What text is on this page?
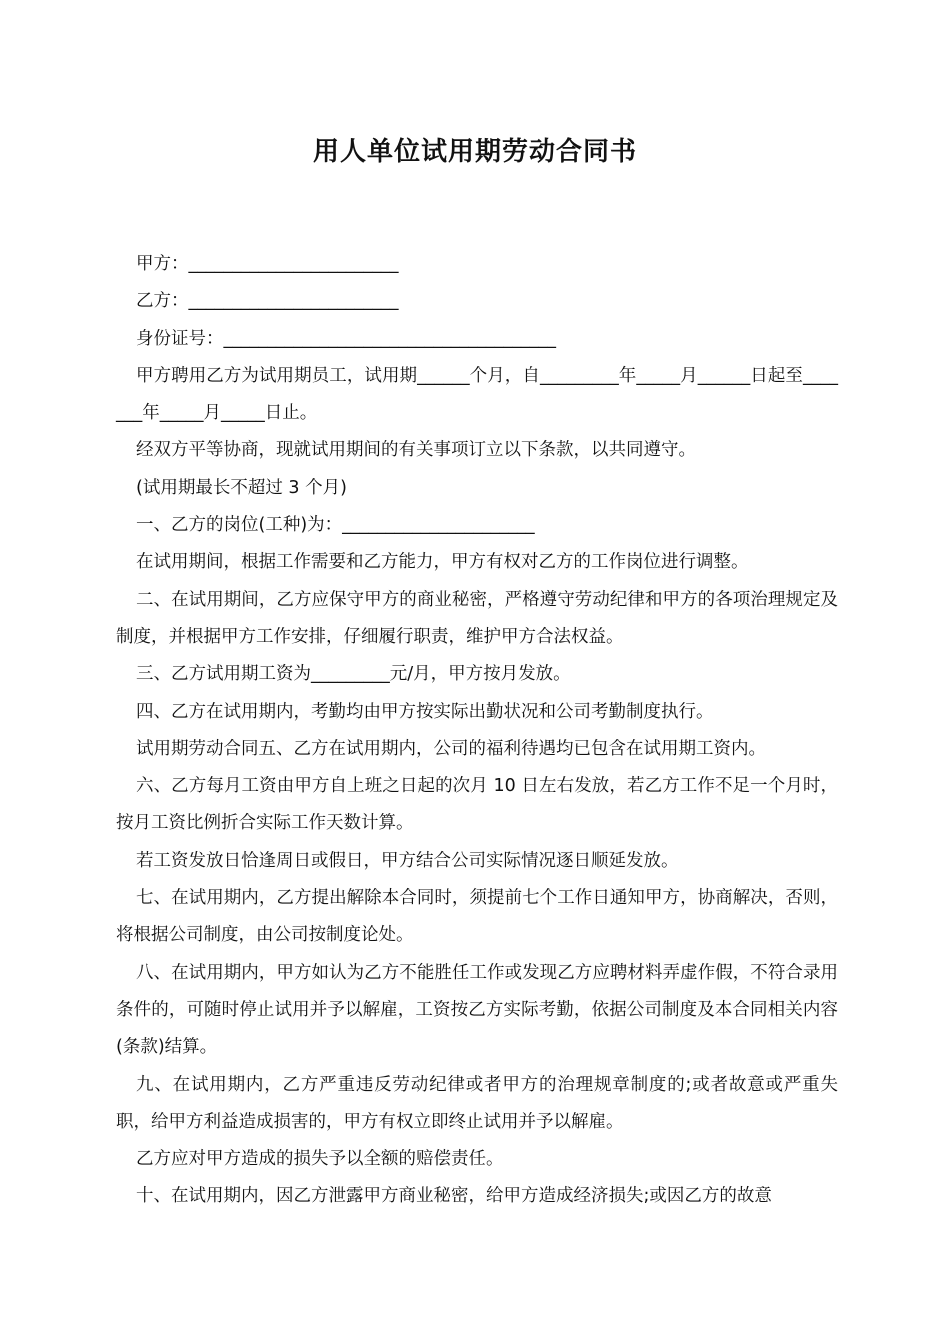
用人单位试用期劳动合同书

甲方：________________________

乙方：________________________

身份证号：______________________________________

甲方聘用乙方为试用期员工，试用期______个月，自_________年_____月______日起至_______年_____月_____日止。

经双方平等协商，现就试用期间的有关事项订立以下条款，以共同遵守。

(试用期最长不超过 3 个月)

一、乙方的岗位(工种)为：______________________

在试用期间，根据工作需要和乙方能力，甲方有权对乙方的工作岗位进行调整。

二、在试用期间，乙方应保守甲方的商业秘密，严格遵守劳动纪律和甲方的各项治理规定及制度，并根据甲方工作安排，仔细履行职责，维护甲方合法权益。

三、乙方试用期工资为_________元/月，甲方按月发放。

四、乙方在试用期内，考勤均由甲方按实际出勤状况和公司考勤制度执行。

试用期劳动合同五、乙方在试用期内，公司的福利待遇均已包含在试用期工资内。

六、乙方每月工资由甲方自上班之日起的次月 10 日左右发放，若乙方工作不足一个月时，按月工资比例折合实际工作天数计算。

若工资发放日恰逢周日或假日，甲方结合公司实际情况逐日顺延发放。

七、在试用期内，乙方提出解除本合同时，须提前七个工作日通知甲方，协商解决，否则，将根据公司制度，由公司按制度论处。

八、在试用期内，甲方如认为乙方不能胜任工作或发现乙方应聘材料弄虚作假，不符合录用条件的，可随时停止试用并予以解雇，工资按乙方实际考勤，依据公司制度及本合同相关内容(条款)结算。

九、在试用期内，乙方严重违反劳动纪律或者甲方的治理规章制度的;或者故意或严重失职，给甲方利益造成损害的，甲方有权立即终止试用并予以解雇。

乙方应对甲方造成的损失予以全额的赔偿责任。

十、在试用期内，因乙方泄露甲方商业秘密，给甲方造成经济损失;或因乙方的故意
